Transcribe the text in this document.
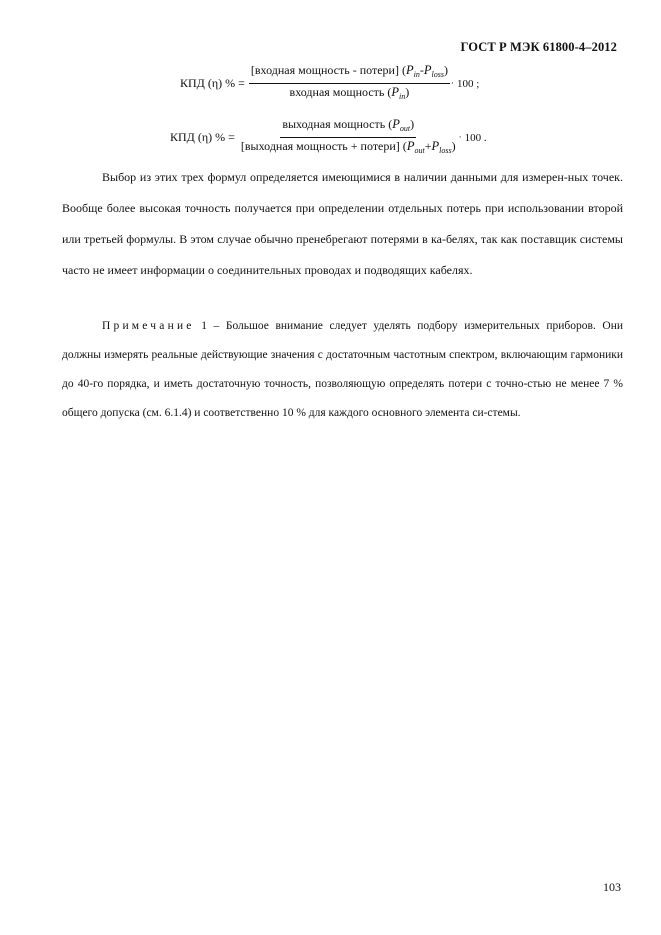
ГОСТ Р МЭК 61800-4–2012
КПД (η) % = $\frac{[входная мощность - потери] (P_{in}-P_{loss})}{входная мощность (P_{in})} \cdot 100$ ;
КПД (η) % = $\frac{выходная мощность (P_{out})}{[выходная мощность + потери] (P_{out}+P_{loss})} \cdot 100$ .
Выбор из этих трех формул определяется имеющимися в наличии данными для измерен-ных точек. Вообще более высокая точность получается при определении отдельных потерь при использовании второй или третьей формулы. В этом случае обычно пренебрегают потерями в ка-белях, так как поставщик системы часто не имеет информации о соединительных проводах и подводящих кабелях.
Примечание 1 – Большое внимание следует уделять подбору измерительных приборов. Они должны измерять реальные действующие значения с достаточным частотным спектром, включающим гармоники до 40-го порядка, и иметь достаточную точность, позволяющую определять потери с точно-стью не менее 7 % общего допуска (см. 6.1.4) и соответственно 10 % для каждого основного элемента си-стемы.
103
